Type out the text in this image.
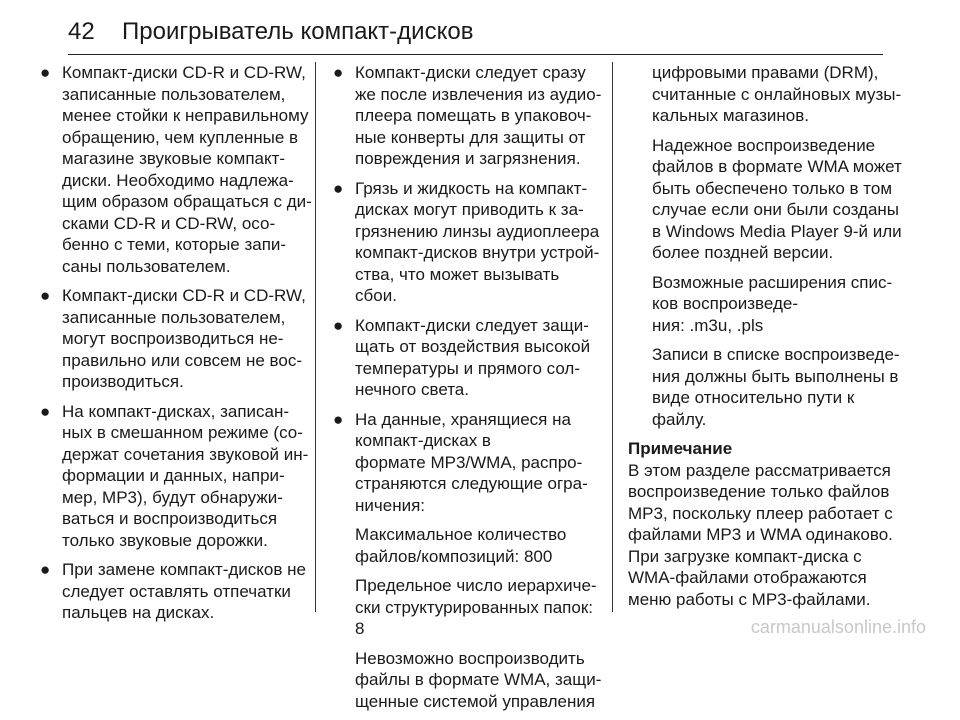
42 Проигрыватель компакт-дисков
● Компакт-диски CD-R и CD-RW,
записанные пользователем,
менее стойки к неправильному
обращению, чем купленные в
магазине звуковые компакт-
диски. Необходимо надлежа-
щим образом обращаться с ди-
сками CD-R и CD-RW, осо-
бенно с теми, которые запи-
саны пользователем.
● Компакт-диски CD-R и CD-RW,
записанные пользователем,
могут воспроизводиться не-
правильно или совсем не вос-
производиться.
● На компакт-дисках, записан-
ных в смешанном режиме (со-
держат сочетания звуковой ин-
формации и данных, напри-
мер, МР3), будут обнаружи-
ваться и воспроизводиться
только звуковые дорожки.
● При замене компакт-дисков не
следует оставлять отпечатки
пальцев на дисках.
● Компакт-диски следует сразу
же после извлечения из аудио-
плеера помещать в упаковоч-
ные конверты для защиты от
повреждения и загрязнения.
● Грязь и жидкость на компакт-
дисках могут приводить к за-
грязнению линзы аудиоплеера
компакт-дисков внутри устрой-
ства, что может вызывать
сбои.
● Компакт-диски следует защи-
щать от воздействия высокой
температуры и прямого сол-
нечного света.
● На данные, хранящиеся на
компакт-дисках в
формате MP3/WMA, распро-
страняются следующие огра-
ничения:
Максимальное количество
файлов/композиций: 800
Предельное число иерархиче-
ски структурированных папок:
8
Невозможно воспроизводить
файлы в формате WMA, защи-
щенные системой управления
цифровыми правами (DRM),
считанные с онлайновых музы-
кальных магазинов.
Надежное воспроизведение
файлов в формате WMA может
быть обеспечено только в том
случае если они были созданы
в Windows Media Player 9-й или
более поздней версии.
Возможные расширения спис-
ков воспроизведе-
ния: .m3u, .pls
Записи в списке воспроизведе-
ния должны быть выполнены в
виде относительно пути к
файлу.
Примечание
В этом разделе рассматривается
воспроизведение только файлов
MP3, поскольку плеер работает с
файлами MP3 и WMA одинаково.
При загрузке компакт-диска с
WMA-файлами отображаются
меню работы с MP3-файлами.
carmanualsonline.info
